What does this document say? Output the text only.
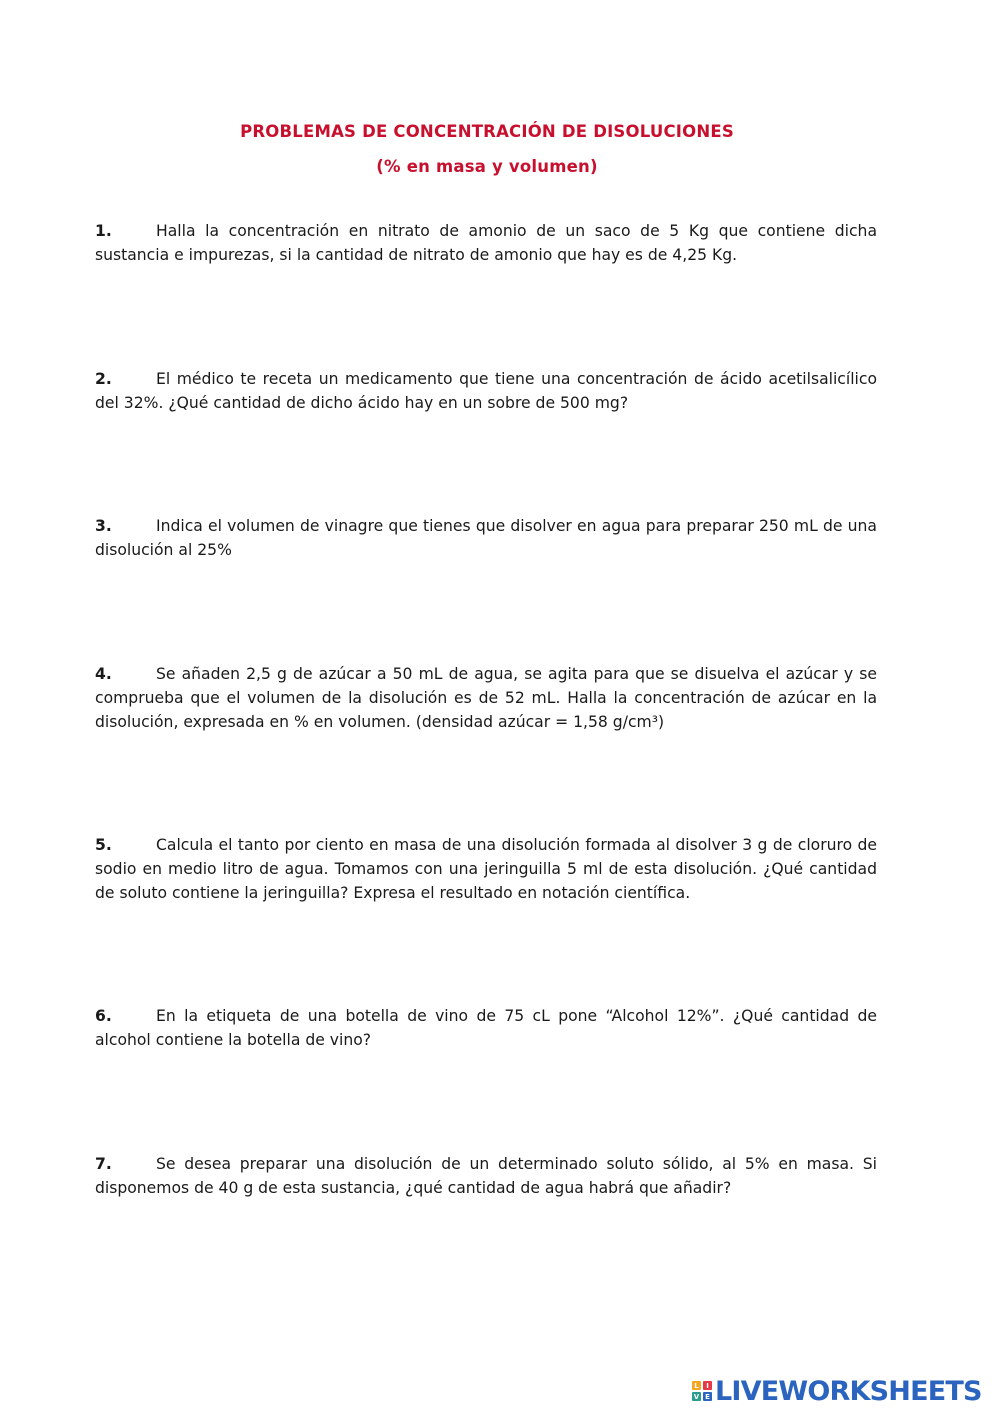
PROBLEMAS DE CONCENTRACIÓN DE DISOLUCIONES
(% en masa y volumen)

1.	Halla la concentración en nitrato de amonio de un saco de 5 Kg que contiene dicha sustancia e impurezas, si la cantidad de nitrato de amonio que hay es de 4,25 Kg.

2.	El médico te receta un medicamento que tiene una concentración de ácido acetilsalicílico del 32%. ¿Qué cantidad de dicho ácido hay en un sobre de 500 mg?

3.	Indica el volumen de vinagre que tienes que disolver en agua para preparar 250 mL de una disolución al 25%

4.	Se añaden 2,5 g de azúcar a 50 mL de agua, se agita para que se disuelva el azúcar y se comprueba que el volumen de la disolución es de 52 mL. Halla la concentración de azúcar en la disolución, expresada en % en volumen. (densidad azúcar = 1,58 g/cm³)

5.	Calcula el tanto por ciento en masa de una disolución formada al disolver 3 g de cloruro de sodio en medio litro de agua. Tomamos con una jeringuilla 5 ml de esta disolución. ¿Qué cantidad de soluto contiene la jeringuilla? Expresa el resultado en notación científica.

6.	En la etiqueta de una botella de vino de 75 cL pone “Alcohol 12%”. ¿Qué cantidad de alcohol contiene la botella de vino?

7.	Se desea preparar una disolución de un determinado soluto sólido, al 5% en masa. Si disponemos de 40 g de esta sustancia, ¿qué cantidad de agua habrá que añadir?

L	I
V E LIVEWORKSHEETS
